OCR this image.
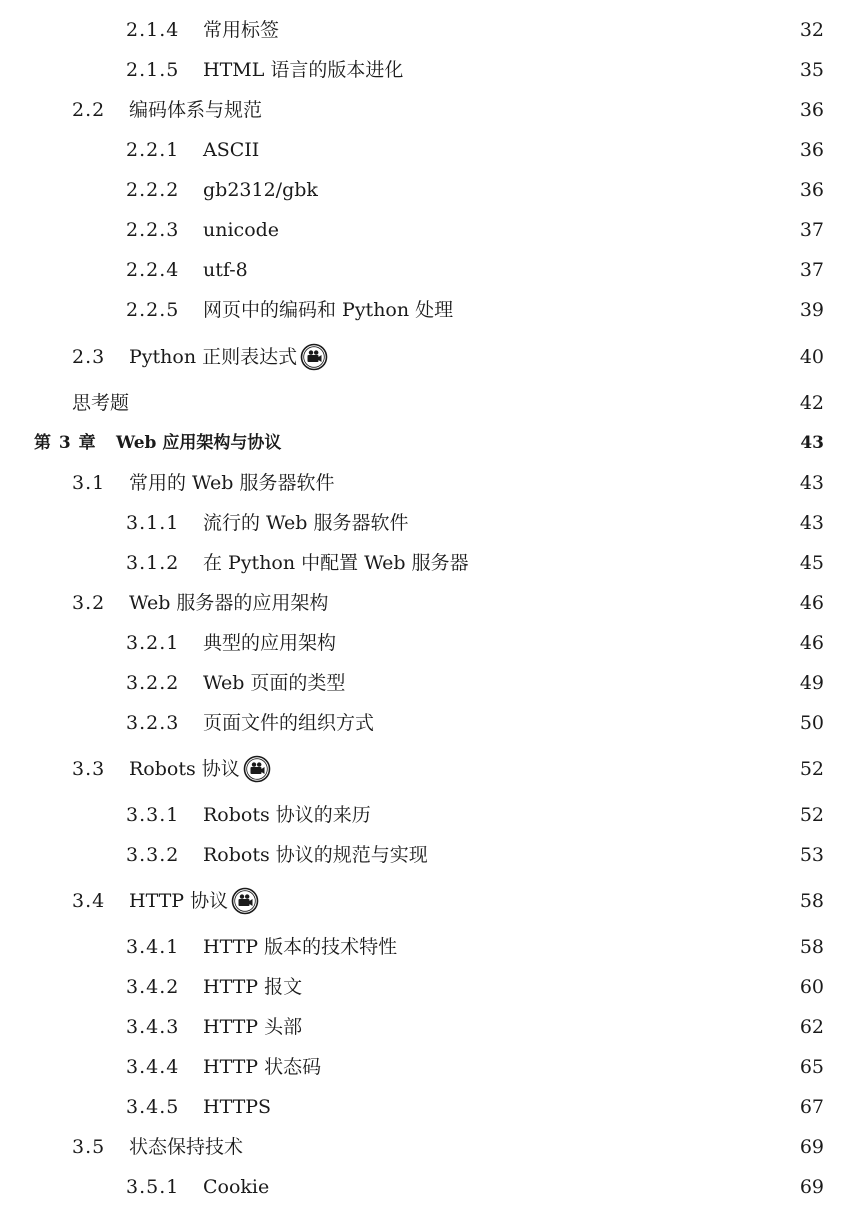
2.1.4	常用标签	32
2.1.5	HTML 语言的版本进化	35
2.2	编码体系与规范	36
2.2.1	ASCII	36
2.2.2	gb2312/gbk	36
2.2.3	unicode	37
2.2.4	utf-8	37
2.2.5	网页中的编码和 Python 处理	39
2.3	Python 正则表达式	40
思考题	42
第 3 章	Web 应用架构与协议	43
3.1	常用的 Web 服务器软件	43
3.1.1	流行的 Web 服务器软件	43
3.1.2	在 Python 中配置 Web 服务器	45
3.2	Web 服务器的应用架构	46
3.2.1	典型的应用架构	46
3.2.2	Web 页面的类型	49
3.2.3	页面文件的组织方式	50
3.3	Robots 协议	52
3.3.1	Robots 协议的来历	52
3.3.2	Robots 协议的规范与实现	53
3.4	HTTP 协议	58
3.4.1	HTTP 版本的技术特性	58
3.4.2	HTTP 报文	60
3.4.3	HTTP 头部	62
3.4.4	HTTP 状态码	65
3.4.5	HTTPS	67
3.5	状态保持技术	69
3.5.1	Cookie	69
